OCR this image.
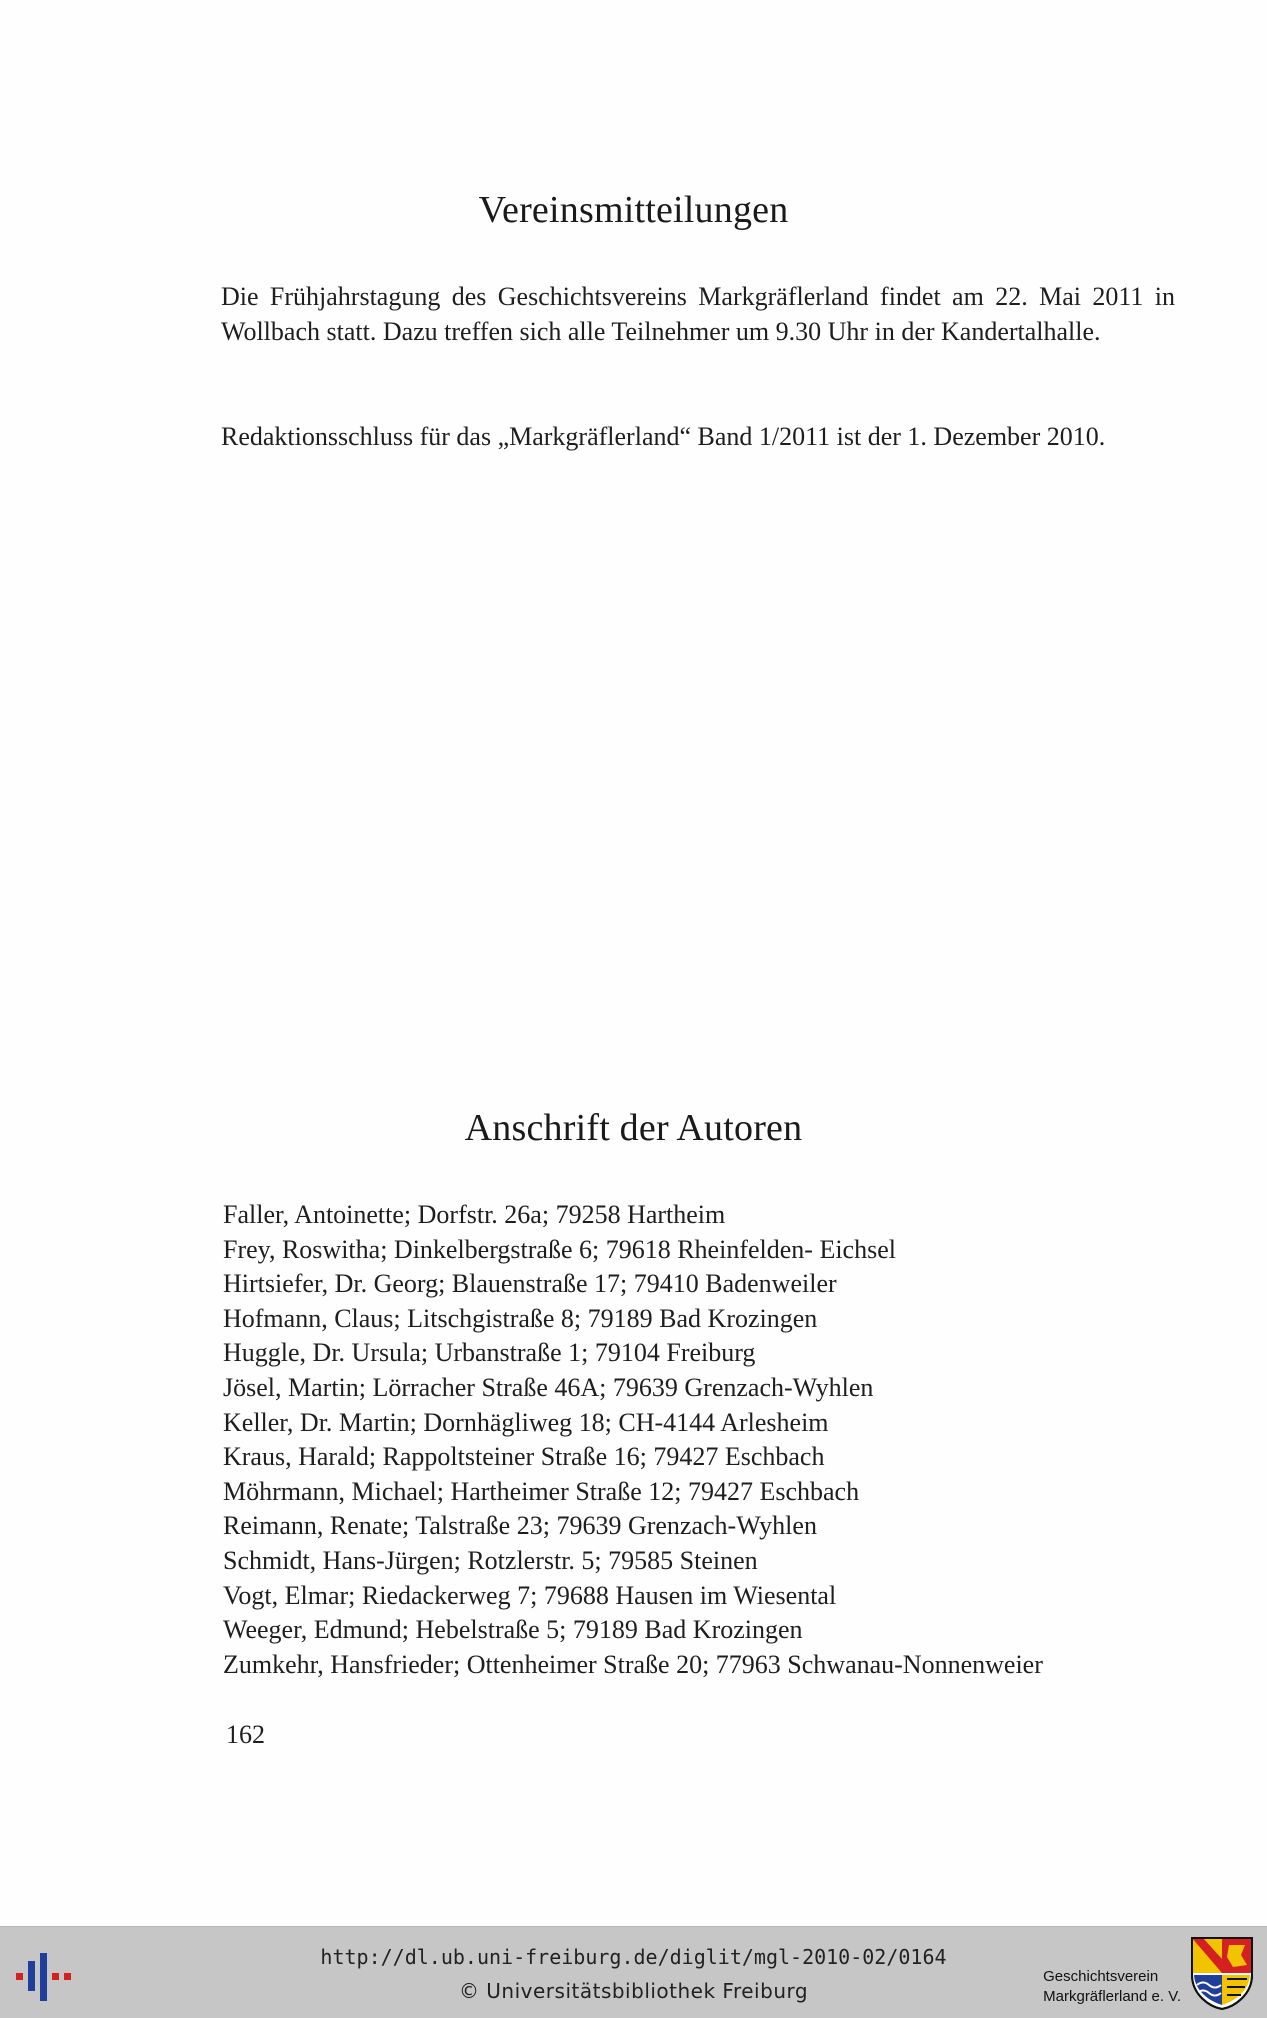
Vereinsmitteilungen
Die Frühjahrstagung des Geschichtsvereins Markgräflerland findet am 22. Mai 2011 in Wollbach statt. Dazu treffen sich alle Teilnehmer um 9.30 Uhr in der Kandertalhalle.
Redaktionsschluss für das „Markgräflerland“ Band 1/2011 ist der 1. Dezember 2010.
Anschrift der Autoren
Faller, Antoinette; Dorfstr. 26a; 79258 Hartheim
Frey, Roswitha; Dinkelbergstraße 6; 79618 Rheinfelden- Eichsel
Hirtsiefer, Dr. Georg; Blauenstraße 17; 79410 Badenweiler
Hofmann, Claus; Litschgistraße 8; 79189 Bad Krozingen
Huggle, Dr. Ursula; Urbanstraße 1; 79104 Freiburg
Jösel, Martin; Lörracher Straße 46A; 79639 Grenzach-Wyhlen
Keller, Dr. Martin; Dornhägliweg 18; CH-4144 Arlesheim
Kraus, Harald; Rappoltsteiner Straße 16; 79427 Eschbach
Möhrmann, Michael; Hartheimer Straße 12; 79427 Eschbach
Reimann, Renate; Talstraße 23; 79639 Grenzach-Wyhlen
Schmidt, Hans-Jürgen; Rotzlerstr. 5; 79585 Steinen
Vogt, Elmar; Riedackerweg 7; 79688 Hausen im Wiesental
Weeger, Edmund; Hebelstraße 5; 79189 Bad Krozingen
Zumkehr, Hansfrieder; Ottenheimer Straße 20; 77963 Schwanau-Nonnenweier
162
http://dl.ub.uni-freiburg.de/diglit/mgl-2010-02/0164
© Universitätsbibliothek Freiburg
Geschichtsverein
Markgräflerland e. V.
